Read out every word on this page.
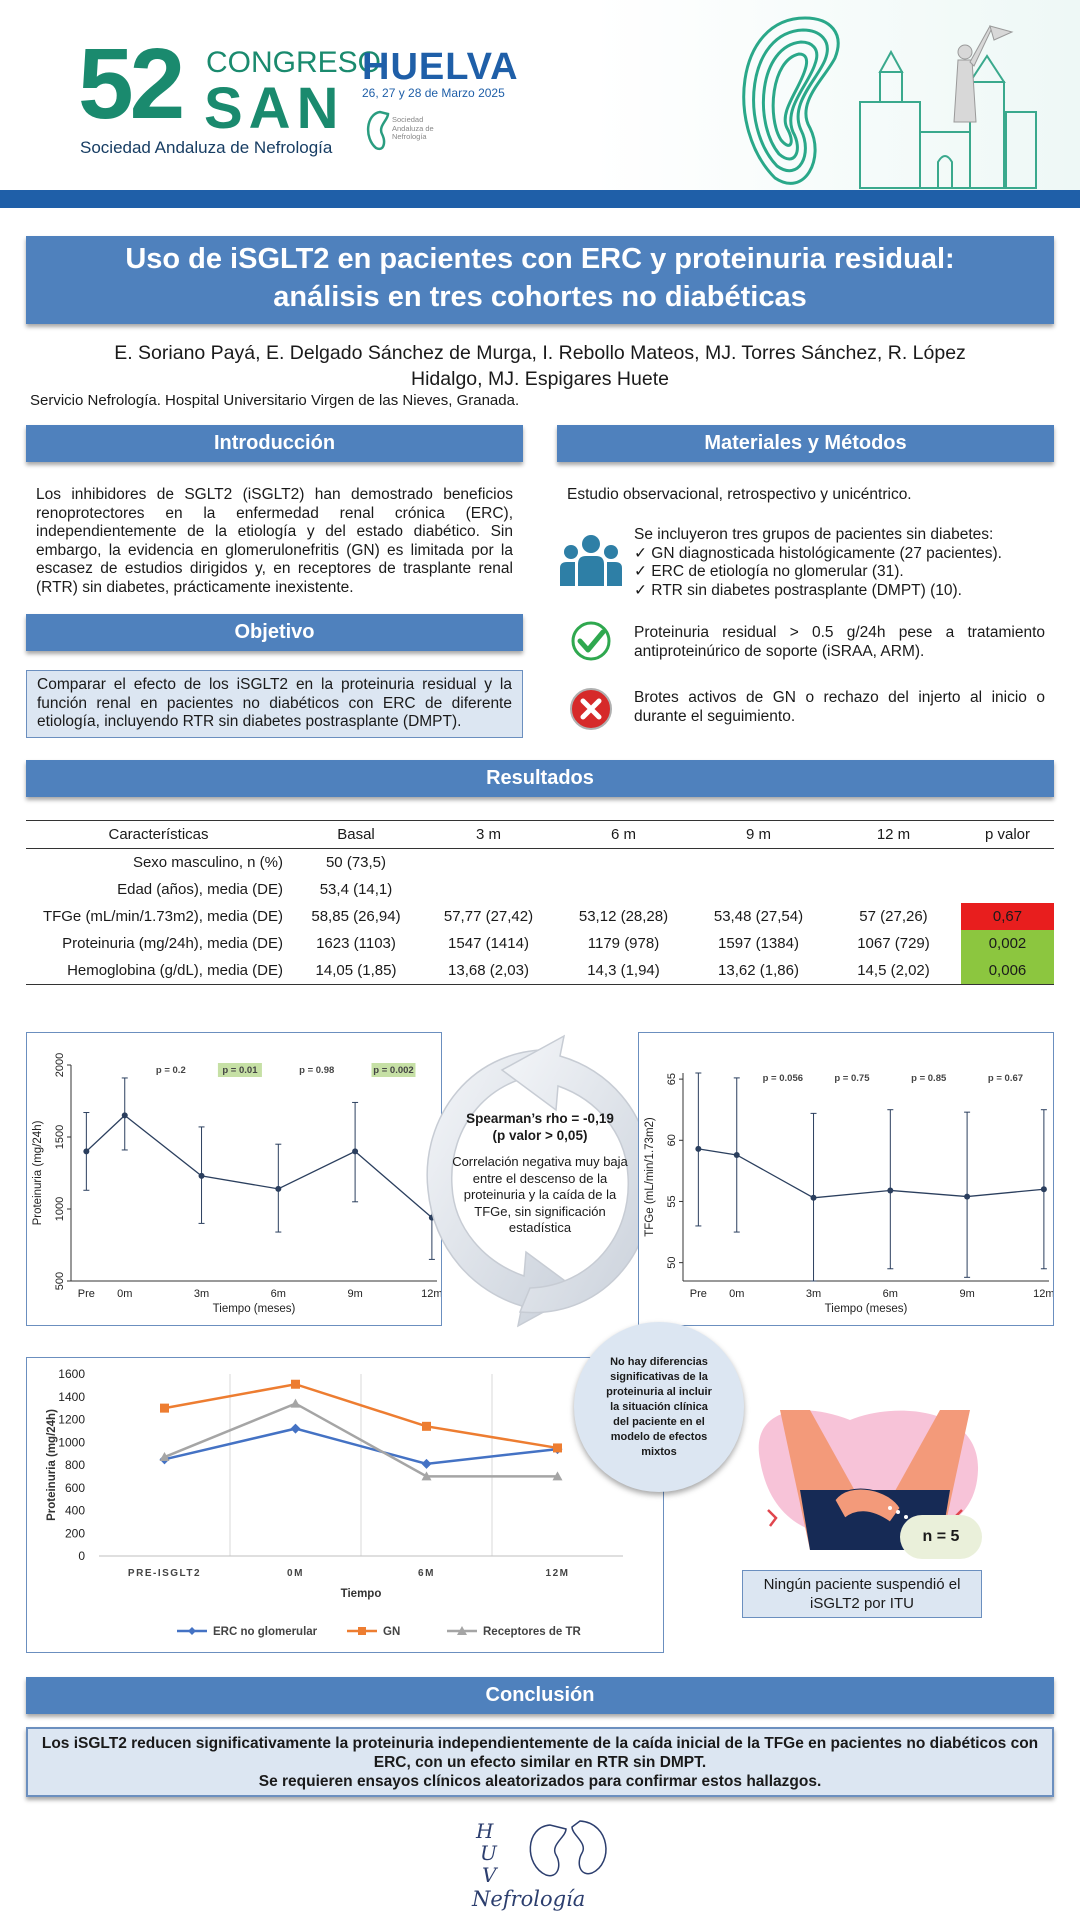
52 CONGRESO
SAN
Sociedad Andaluza de Nefrología
HUELVA
26, 27 y 28 de Marzo 2025
Sociedad Andaluza de Nefrología
Uso de iSGLT2 en pacientes con ERC y proteinuria residual:
análisis en tres cohortes no diabéticas
E. Soriano Payá, E. Delgado Sánchez de Murga, I. Rebollo Mateos, MJ. Torres Sánchez, R. López
Hidalgo, MJ. Espigares Huete
Servicio Nefrología. Hospital Universitario Virgen de las Nieves, Granada.
Introducción
Los inhibidores de SGLT2 (iSGLT2) han demostrado beneficios renoprotectores en la enfermedad renal crónica (ERC), independientemente de la etiología y del estado diabético. Sin embargo, la evidencia en glomerulonefritis (GN) es limitada por la escasez de estudios dirigidos y, en receptores de trasplante renal (RTR) sin diabetes, prácticamente inexistente.
Objetivo
Comparar el efecto de los iSGLT2 en la proteinuria residual y la función renal en pacientes no diabéticos con ERC de diferente etiología, incluyendo RTR sin diabetes postrasplante (DMPT).
Materiales y Métodos
Estudio observacional, retrospectivo y unicéntrico.
Se incluyeron tres grupos de pacientes sin diabetes:
✓ GN diagnosticada histológicamente (27 pacientes).
✓ ERC de etiología no glomerular (31).
✓ RTR sin diabetes postrasplante (DMPT) (10).
Proteinuria residual > 0.5 g/24h pese a tratamiento antiproteinúrico de soporte (iSRAA, ARM).
Brotes activos de GN o rechazo del injerto al inicio o durante el seguimiento.
Resultados
Características	Basal	3 m	6 m	9 m	12 m	p valor
Sexo masculino, n (%)	50 (73,5)					
Edad (años), media (DE)	53,4 (14,1)					
TFGe (mL/min/1.73m2), media (DE)	58,85 (26,94)	57,77 (27,42)	53,12 (28,28)	53,48 (27,54)	57 (27,26)	0,67
Proteinuria (mg/24h), media (DE)	1623 (1103)	1547 (1414)	1179 (978)	1597 (1384)	1067 (729)	0,002
Hemoglobina (g/dL), media (DE)	14,05 (1,85)	13,68 (2,03)	14,3 (1,94)	13,62 (1,86)	14,5 (2,02)	0,006
500
1000
1500
2000
Pre 0m	3m	6m	9m	12m
Tiempo (meses)
Proteinuria (mg/24h)
p = 0.2	p = 0.01	p = 0.98	p = 0.002
Spearman’s rho = -0,19
(p valor > 0,05)
Correlación negativa muy baja entre el descenso de la proteinuria y la caída de la TFGe, sin significación estadística
50
55
60
65
Pre 0m	3m	6m	9m	12m
Tiempo (meses)
TFGe (mL/min/1.73m2)
p = 0.056	p = 0.75	p = 0.85	p = 0.67
0
200
400
600
800
1000
1200
1400
1600
PRE-ISGLT2	0M	6M	12M
Tiempo
Proteinuria (mg/24h)
ERC no glomerular	GN	Receptores de TR
No hay diferencias significativas de la proteinuria al incluir la situación clínica del paciente en el modelo de efectos mixtos
n = 5
Ningún paciente suspendió el iSGLT2 por ITU
Conclusión
Los iSGLT2 reducen significativamente la proteinuria independientemente de la caída inicial de la TFGe en pacientes no diabéticos con ERC, con un efecto similar en RTR sin DMPT.
Se requieren ensayos clínicos aleatorizados para confirmar estos hallazgos.
H
U
V
Nefrología
